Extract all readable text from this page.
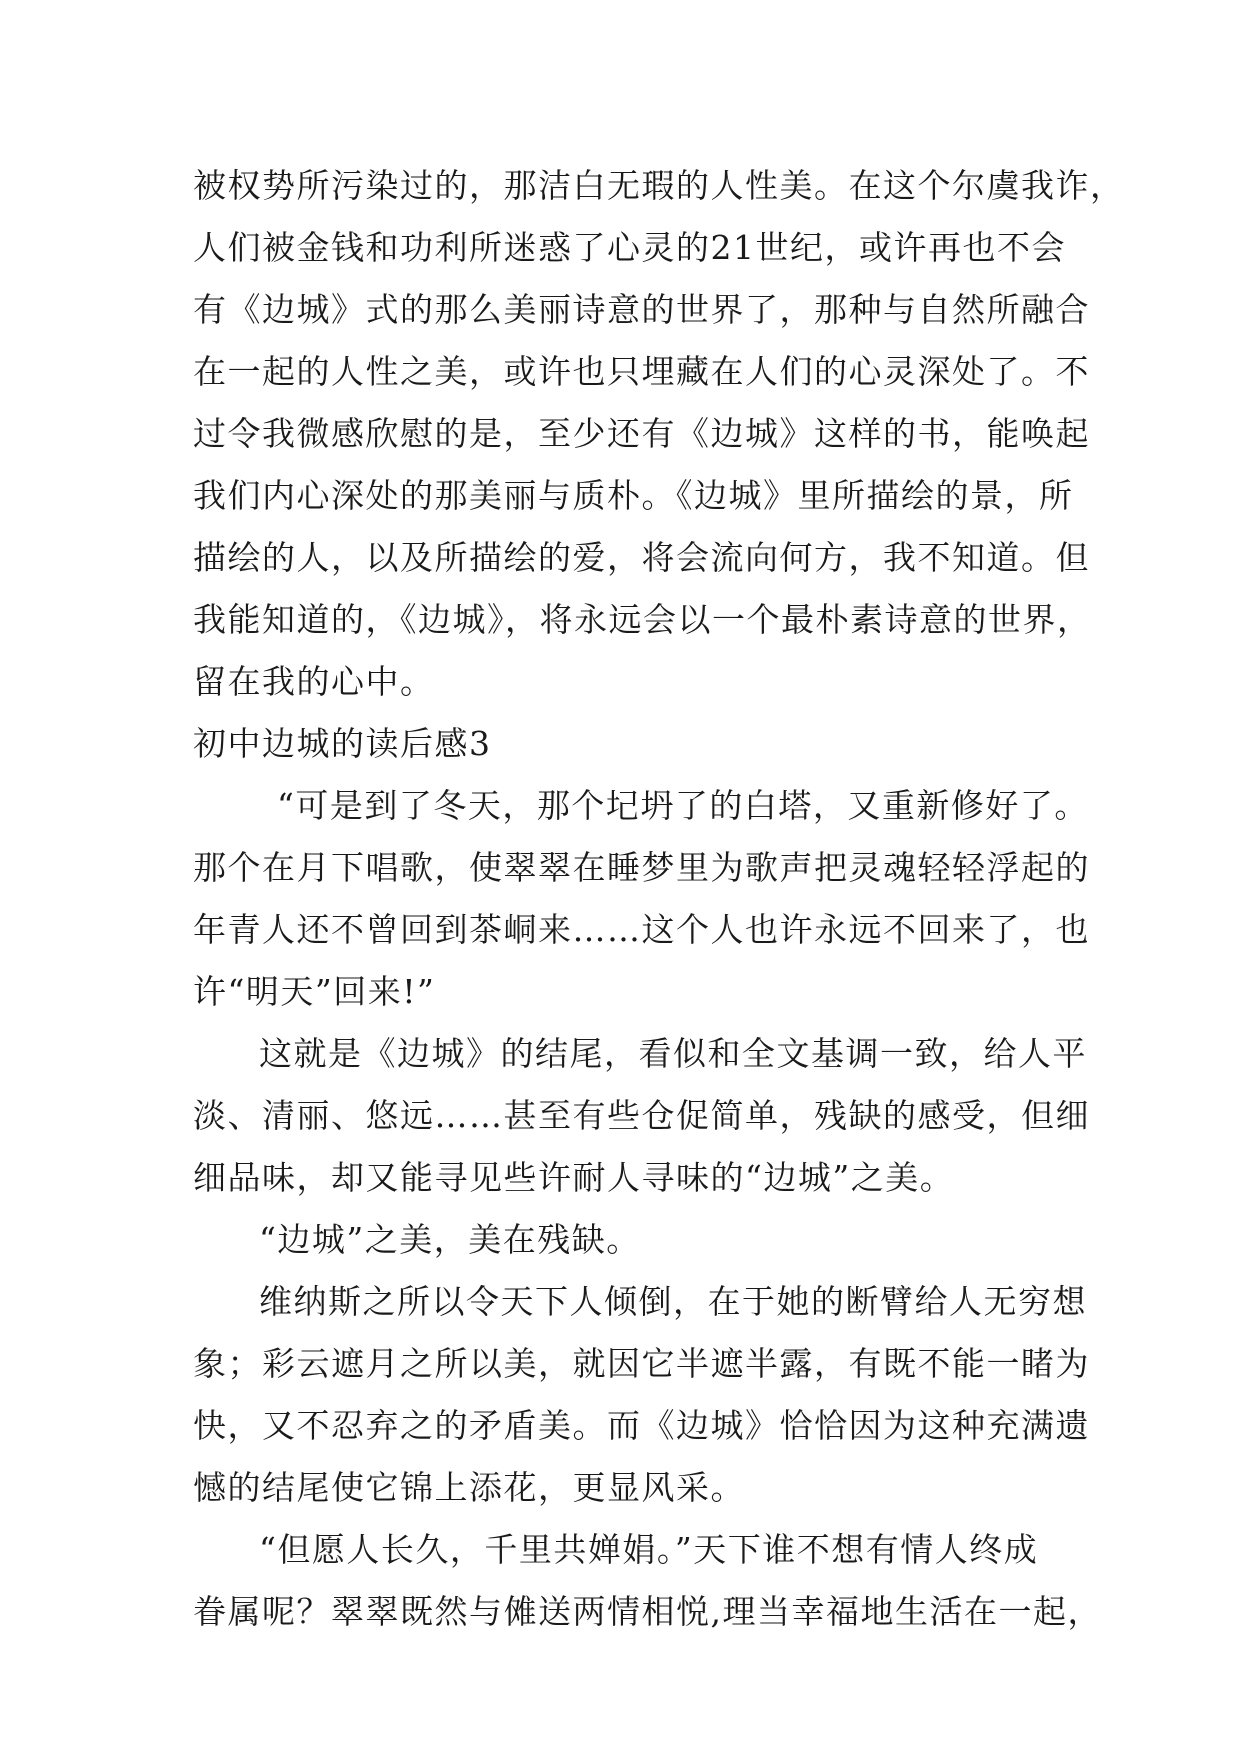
被权势所污染过的，那洁白无瑕的人性美。在这个尔虞我诈，
人们被金钱和功利所迷惑了心灵的21世纪，或许再也不会
有《边城》式的那么美丽诗意的世界了，那种与自然所融合
在一起的人性之美，或许也只埋藏在人们的心灵深处了。不
过令我微感欣慰的是，至少还有《边城》这样的书，能唤起
我们内心深处的那美丽与质朴。《边城》里所描绘的景，所
描绘的人，以及所描绘的爱，将会流向何方，我不知道。但
我能知道的，《边城》，将永远会以一个最朴素诗意的世界，
留在我的心中。
初中边城的读后感3
“可是到了冬天，那个圮坍了的白塔，又重新修好了。
那个在月下唱歌，使翠翠在睡梦里为歌声把灵魂轻轻浮起的
年青人还不曾回到茶峒来……这个人也许永远不回来了，也
许“明天”回来!”
这就是《边城》的结尾，看似和全文基调一致，给人平
淡、清丽、悠远……甚至有些仓促简单，残缺的感受，但细
细品味，却又能寻见些许耐人寻味的“边城”之美。
“边城”之美，美在残缺。
维纳斯之所以令天下人倾倒，在于她的断臂给人无穷想
象；彩云遮月之所以美，就因它半遮半露，有既不能一睹为
快，又不忍弃之的矛盾美。而《边城》恰恰因为这种充满遗
憾的结尾使它锦上添花，更显风采。
“但愿人长久，千里共婵娟。”天下谁不想有情人终成
眷属呢？翠翠既然与傩送两情相悦,理当幸福地生活在一起，
